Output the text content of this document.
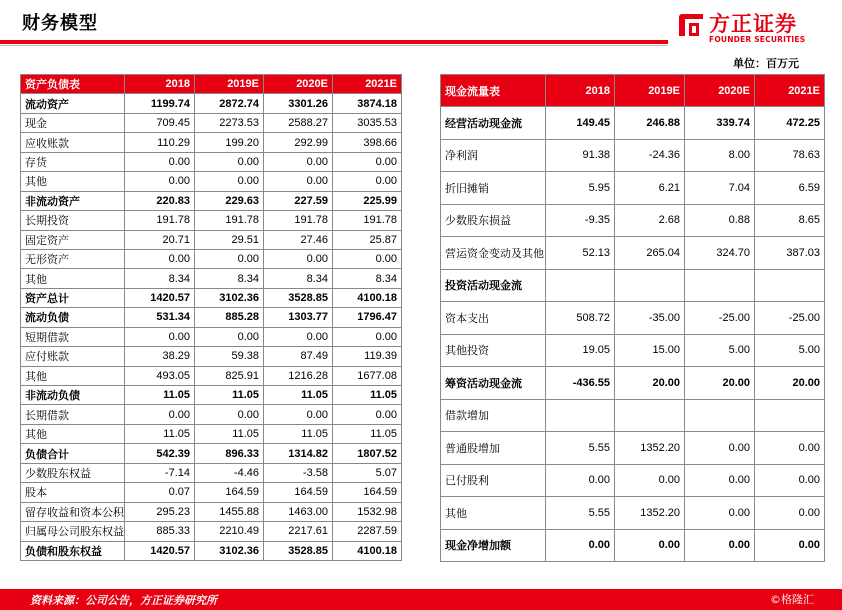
财务模型	方正证券
FOUNDER SECURITIES
单位：百万元
资产负债表	2018	2019E	2020E	2021E
流动资产	1199.74	2872.74	3301.26	3874.18
现金	709.45	2273.53	2588.27	3035.53
应收账款	110.29	199.20	292.99	398.66
存货	0.00	0.00	0.00	0.00
其他	0.00	0.00	0.00	0.00
非流动资产	220.83	229.63	227.59	225.99
长期投资	191.78	191.78	191.78	191.78
固定资产	20.71	29.51	27.46	25.87
无形资产	0.00	0.00	0.00	0.00
其他	8.34	8.34	8.34	8.34
资产总计	1420.57	3102.36	3528.85	4100.18
流动负债	531.34	885.28	1303.77	1796.47
短期借款	0.00	0.00	0.00	0.00
应付账款	38.29	59.38	87.49	119.39
其他	493.05	825.91	1216.28	1677.08
非流动负债	11.05	11.05	11.05	11.05
长期借款	0.00	0.00	0.00	0.00
其他	11.05	11.05	11.05	11.05
负债合计	542.39	896.33	1314.82	1807.52
少数股东权益	-7.14	-4.46	-3.58	5.07
股本	0.07	164.59	164.59	164.59
留存收益和资本公积	295.23	1455.88	1463.00	1532.98
归属母公司股东权益	885.33	2210.49	2217.61	2287.59
负债和股东权益	1420.57	3102.36	3528.85	4100.18
现金流量表	2018	2019E	2020E	2021E
经营活动现金流	149.45	246.88	339.74	472.25
净利润	91.38	-24.36	8.00	78.63
折旧摊销	5.95	6.21	7.04	6.59
少数股东损益	-9.35	2.68	0.88	8.65
营运资金变动及其他	52.13	265.04	324.70	387.03
投资活动现金流				
资本支出	508.72	-35.00	-25.00	-25.00
其他投资	19.05	15.00	5.00	5.00
筹资活动现金流	-436.55	20.00	20.00	20.00
借款增加				
普通股增加	5.55	1352.20	0.00	0.00
已付股利	0.00	0.00	0.00	0.00
其他	5.55	1352.20	0.00	0.00
现金净增加额	0.00	0.00	0.00	0.00
资料来源：公司公告，方正证券研究所	©格隆汇
